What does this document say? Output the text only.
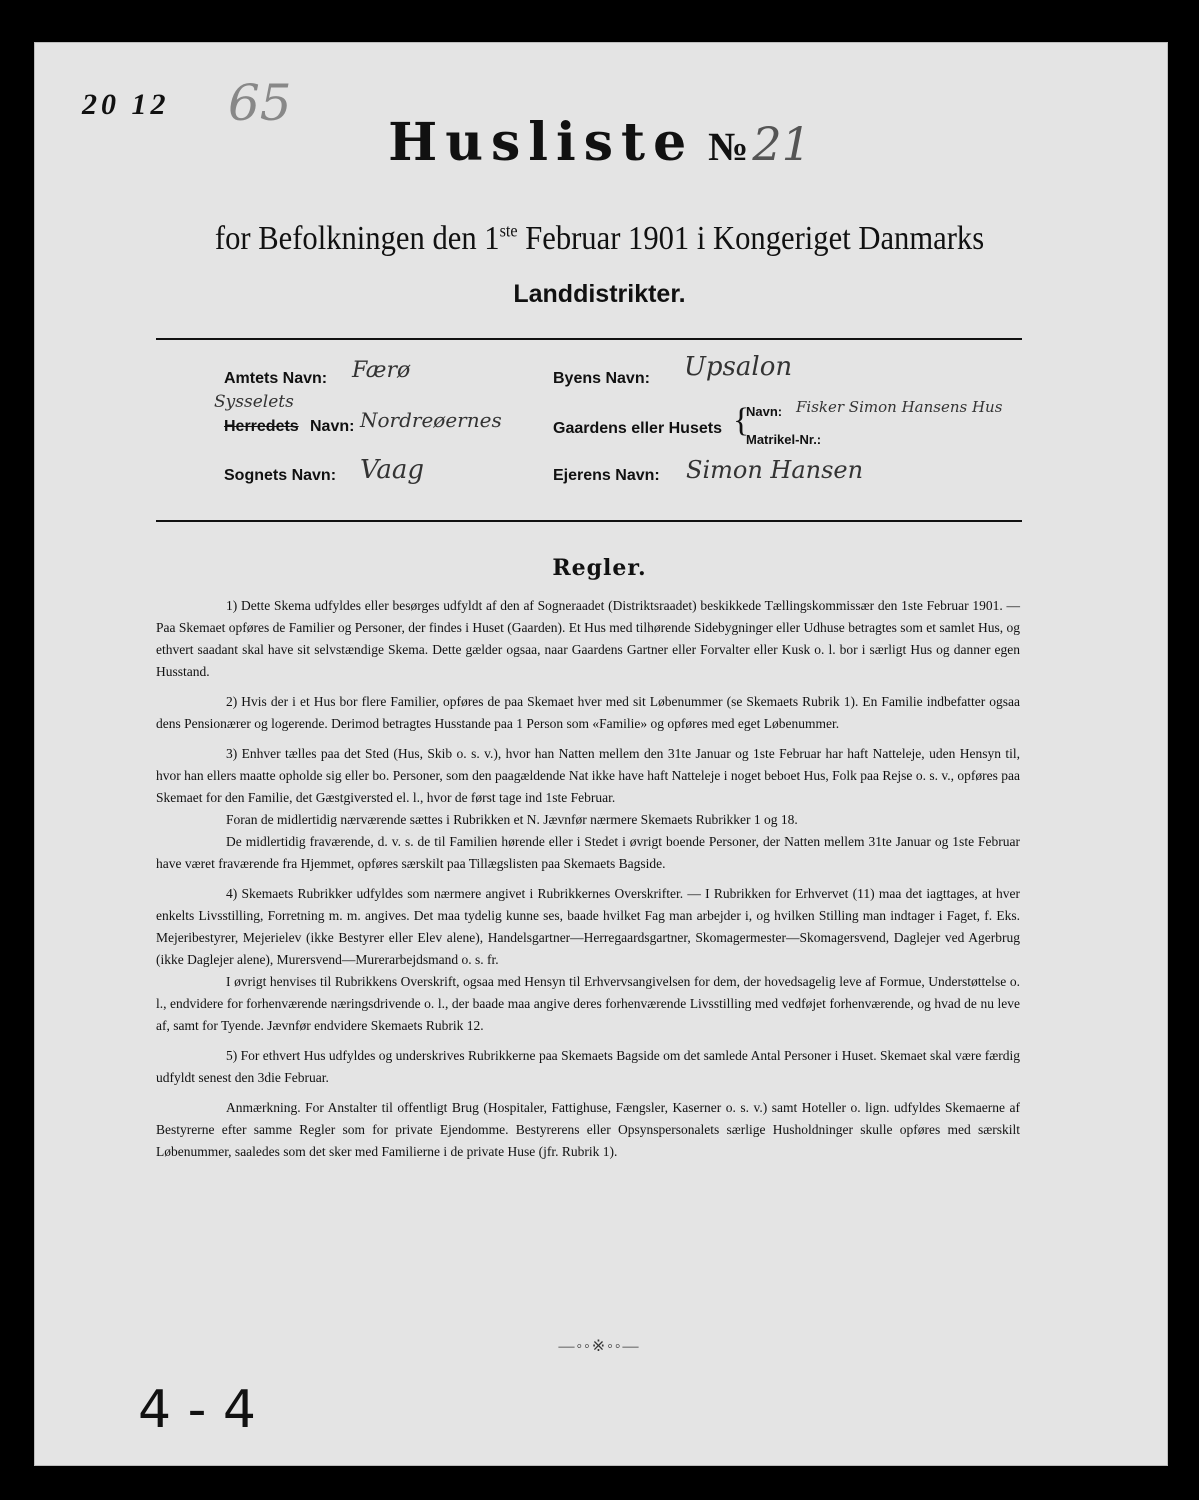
20 12 65
Husliste №21
for Befolkningen den 1ste Februar 1901 i Kongeriget Danmarks
Landdistrikter.
Amtets Navn: Færø
Sysselets
Herredets Navn: Nordreøernes
Sognets Navn: Vaag
Byens Navn: Upsalon
Gaardens eller Husets {
Navn: Fisker Simon Hansens Hus
Matrikel-Nr.:
Ejerens Navn: Simon Hansen
Regler.

1) Dette Skema udfyldes eller besørges udfyldt af den af Sogneraadet (Distriktsraadet) beskikkede Tællingskommissær den 1ste Februar 1901. — Paa Skemaet opføres de Familier og Personer, der findes i Huset (Gaarden). Et Hus med tilhørende Sidebygninger eller Udhuse betragtes som et samlet Hus, og ethvert saadant skal have sit selvstændige Skema. Dette gælder ogsaa, naar Gaardens Gartner eller Forvalter eller Kusk o. l. bor i særligt Hus og danner egen Husstand.

2) Hvis der i et Hus bor flere Familier, opføres de paa Skemaet hver med sit Løbenummer (se Skemaets Rubrik 1). En Familie indbefatter ogsaa dens Pensionærer og logerende. Derimod betragtes Husstande paa 1 Person som «Familie» og opføres med eget Løbenummer.

3) Enhver tælles paa det Sted (Hus, Skib o. s. v.), hvor han Natten mellem den 31te Januar og 1ste Februar har haft Natteleje, uden Hensyn til, hvor han ellers maatte opholde sig eller bo. Personer, som den paagældende Nat ikke have haft Natteleje i noget beboet Hus, Folk paa Rejse o. s. v., opføres paa Skemaet for den Familie, det Gæstgiversted el. l., hvor de først tage ind 1ste Februar.

Foran de midlertidig nærværende sættes i Rubrikken et N. Jævnfør nærmere Skemaets Rubrikker 1 og 18.

De midlertidig fraværende, d. v. s. de til Familien hørende eller i Stedet i øvrigt boende Personer, der Natten mellem 31te Januar og 1ste Februar have været fraværende fra Hjemmet, opføres særskilt paa Tillægslisten paa Skemaets Bagside.

4) Skemaets Rubrikker udfyldes som nærmere angivet i Rubrikkernes Overskrifter. — I Rubrikken for Erhvervet (11) maa det iagttages, at hver enkelts Livsstilling, Forretning m. m. angives. Det maa tydelig kunne ses, baade hvilket Fag man arbejder i, og hvilken Stilling man indtager i Faget, f. Eks. Mejeribestyrer, Mejerielev (ikke Bestyrer eller Elev alene), Handelsgartner—Herregaardsgartner, Skomagermester—Skomagersvend, Daglejer ved Agerbrug (ikke Daglejer alene), Murersvend—Murerarbejdsmand o. s. fr.

I øvrigt henvises til Rubrikkens Overskrift, ogsaa med Hensyn til Erhvervsangivelsen for dem, der hovedsagelig leve af Formue, Understøttelse o. l., endvidere for forhenværende næringsdrivende o. l., der baade maa angive deres forhenværende Livsstilling med vedføjet forhenværende, og hvad de nu leve af, samt for Tyende. Jævnfør endvidere Skemaets Rubrik 12.

5) For ethvert Hus udfyldes og underskrives Rubrikkerne paa Skemaets Bagside om det samlede Antal Personer i Huset. Skemaet skal være færdig udfyldt senest den 3die Februar.

Anmærkning. For Anstalter til offentligt Brug (Hospitaler, Fattighuse, Fængsler, Kaserner o. s. v.) samt Hoteller o. lign. udfyldes Skemaerne af Bestyrerne efter samme Regler som for private Ejendomme. Bestyrerens eller Opsynspersonalets særlige Husholdninger skulle opføres med særskilt Løbenummer, saaledes som det sker med Familierne i de private Huse (jfr. Rubrik 1).

—◦◦※◦◦—
4 - 4
